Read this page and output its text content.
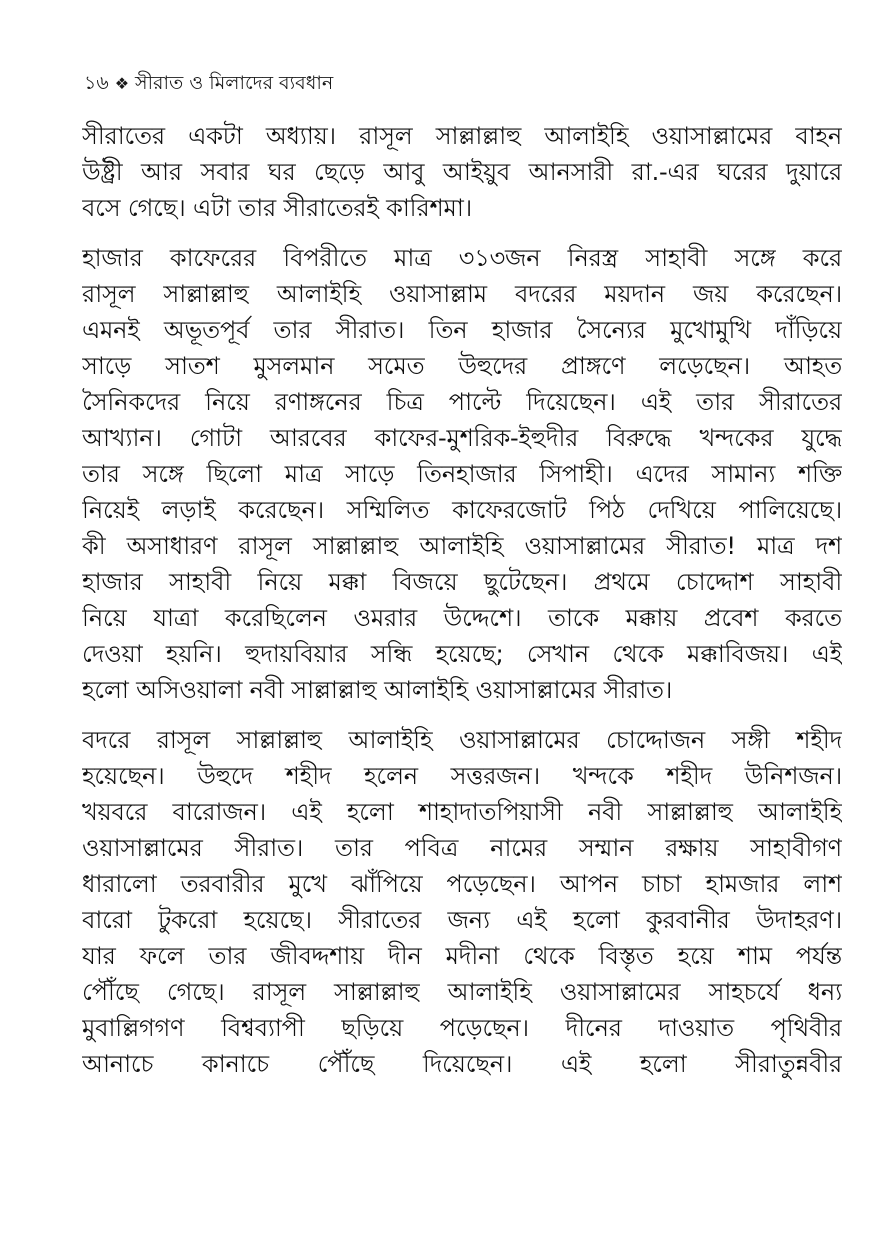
১৬ ❖ সীরাত ও মিলাদের ব্যবধান
সীরাতের একটা অধ্যায়। রাসূল সাল্লাল্লাহু আলাইহি ওয়াসাল্লামের বাহন
উষ্ট্রী আর সবার ঘর ছেড়ে আবু আইয়ুব আনসারী রা.-এর ঘরের দুয়ারে
বসে গেছে। এটা তার সীরাতেরই কারিশমা।
হাজার কাফেরের বিপরীতে মাত্র ৩১৩জন নিরস্ত্র সাহাবী সঙ্গে করে
রাসূল সাল্লাল্লাহু আলাইহি ওয়াসাল্লাম বদরের ময়দান জয় করেছেন।
এমনই অভূতপূর্ব তার সীরাত। তিন হাজার সৈন্যের মুখোমুখি দাঁড়িয়ে
সাড়ে সাতশ মুসলমান সমেত উহুদের প্রাঙ্গণে লড়েছেন। আহত
সৈনিকদের নিয়ে রণাঙ্গনের চিত্র পাল্টে দিয়েছেন। এই তার সীরাতের
আখ্যান। গোটা আরবের কাফের-মুশরিক-ইহুদীর বিরুদ্ধে খন্দকের যুদ্ধে
তার সঙ্গে ছিলো মাত্র সাড়ে তিনহাজার সিপাহী। এদের সামান্য শক্তি
নিয়েই লড়াই করেছেন। সম্মিলিত কাফেরজোট পিঠ দেখিয়ে পালিয়েছে।
কী অসাধারণ রাসূল সাল্লাল্লাহু আলাইহি ওয়াসাল্লামের সীরাত! মাত্র দশ
হাজার সাহাবী নিয়ে মক্কা বিজয়ে ছুটেছেন। প্রথমে চোদ্দোশ সাহাবী
নিয়ে যাত্রা করেছিলেন ওমরার উদ্দেশে। তাকে মক্কায় প্রবেশ করতে
দেওয়া হয়নি। হুদায়বিয়ার সন্ধি হয়েছে; সেখান থেকে মক্কাবিজয়। এই
হলো অসিওয়ালা নবী সাল্লাল্লাহু আলাইহি ওয়াসাল্লামের সীরাত।
বদরে রাসূল সাল্লাল্লাহু আলাইহি ওয়াসাল্লামের চোদ্দোজন সঙ্গী শহীদ
হয়েছেন। উহুদে শহীদ হলেন সত্তরজন। খন্দকে শহীদ উনিশজন।
খয়বরে বারোজন। এই হলো শাহাদাতপিয়াসী নবী সাল্লাল্লাহু আলাইহি
ওয়াসাল্লামের সীরাত। তার পবিত্র নামের সম্মান রক্ষায় সাহাবীগণ
ধারালো তরবারীর মুখে ঝাঁপিয়ে পড়েছেন। আপন চাচা হামজার লাশ
বারো টুকরো হয়েছে। সীরাতের জন্য এই হলো কুরবানীর উদাহরণ।
যার ফলে তার জীবদ্দশায় দীন মদীনা থেকে বিস্তৃত হয়ে শাম পর্যন্ত
পৌঁছে গেছে। রাসূল সাল্লাল্লাহু আলাইহি ওয়াসাল্লামের সাহচর্যে ধন্য
মুবাল্লিগগণ বিশ্বব্যাপী ছড়িয়ে পড়েছেন। দীনের দাওয়াত পৃথিবীর
আনাচে কানাচে পৌঁছে দিয়েছেন। এই হলো সীরাতুন্নবীর
